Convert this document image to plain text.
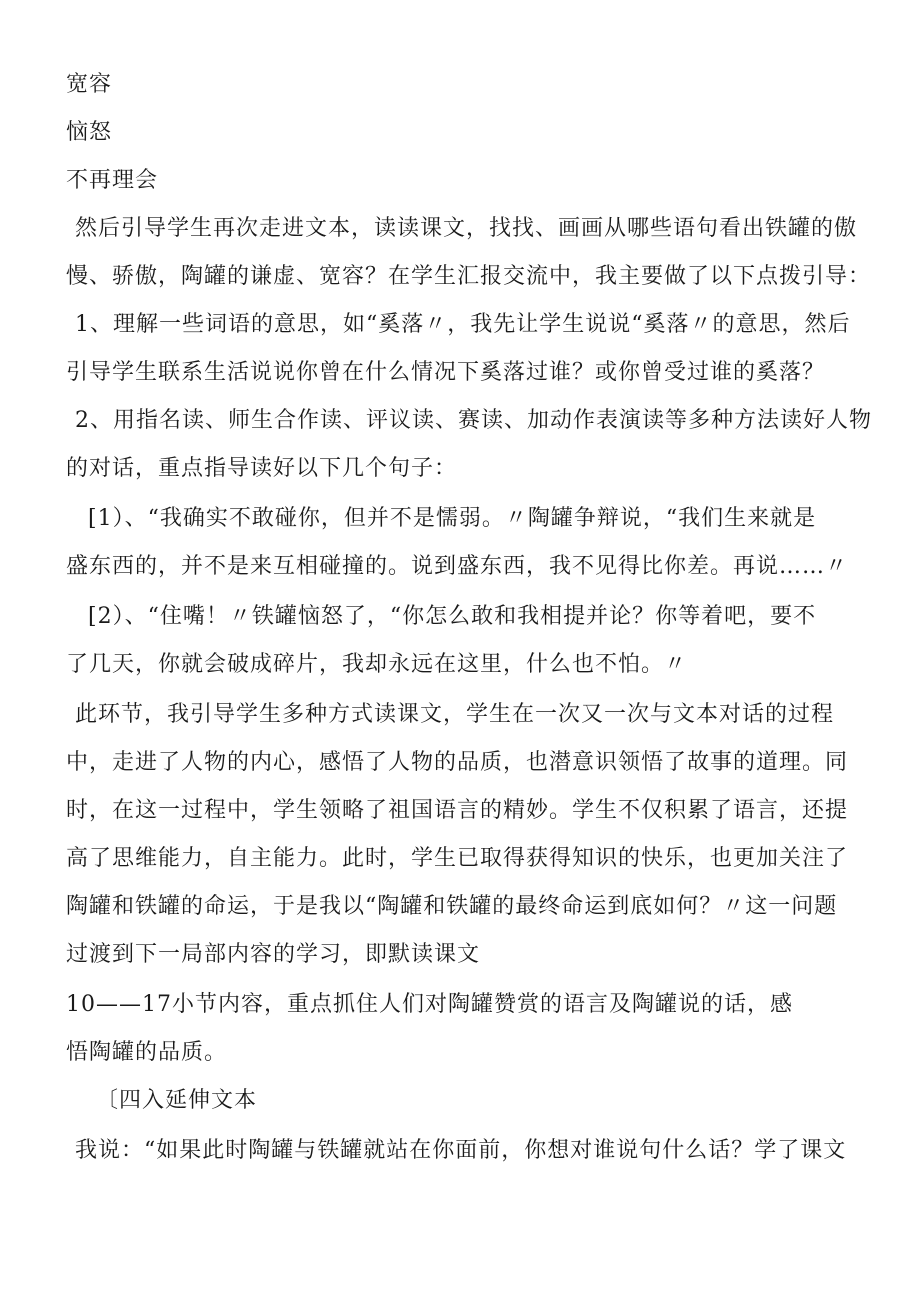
宽容

恼怒

不再理会

然后引导学生再次走进文本，读读课文，找找、画画从哪些语句看出铁罐的傲

慢、骄傲，陶罐的谦虚、宽容？在学生汇报交流中，我主要做了以下点拨引导：

1、理解一些词语的意思，如“奚落〃，我先让学生说说“奚落〃的意思，然后

引导学生联系生活说说你曾在什么情况下奚落过谁？或你曾受过谁的奚落？

2、用指名读、师生合作读、评议读、赛读、加动作表演读等多种方法读好人物

的对话，重点指导读好以下几个句子：

[1）、“我确实不敢碰你，但并不是懦弱。〃陶罐争辩说，“我们生来就是

盛东西的，并不是来互相碰撞的。说到盛东西，我不见得比你差。再说……〃

[2）、“住嘴！〃铁罐恼怒了，“你怎么敢和我相提并论？你等着吧，要不

了几天，你就会破成碎片，我却永远在这里，什么也不怕。〃

此环节，我引导学生多种方式读课文，学生在一次又一次与文本对话的过程

中，走进了人物的内心，感悟了人物的品质，也潜意识领悟了故事的道理。同

时，在这一过程中，学生领略了祖国语言的精妙。学生不仅积累了语言，还提

高了思维能力，自主能力。此时，学生已取得获得知识的快乐，也更加关注了

陶罐和铁罐的命运，于是我以“陶罐和铁罐的最终命运到底如何？〃这一问题

过渡到下一局部内容的学习，即默读课文

10——17小节内容，重点抓住人们对陶罐赞赏的语言及陶罐说的话，感

悟陶罐的品质。

〔四入延伸文本

我说：“如果此时陶罐与铁罐就站在你面前，你想对谁说句什么话？学了课文
